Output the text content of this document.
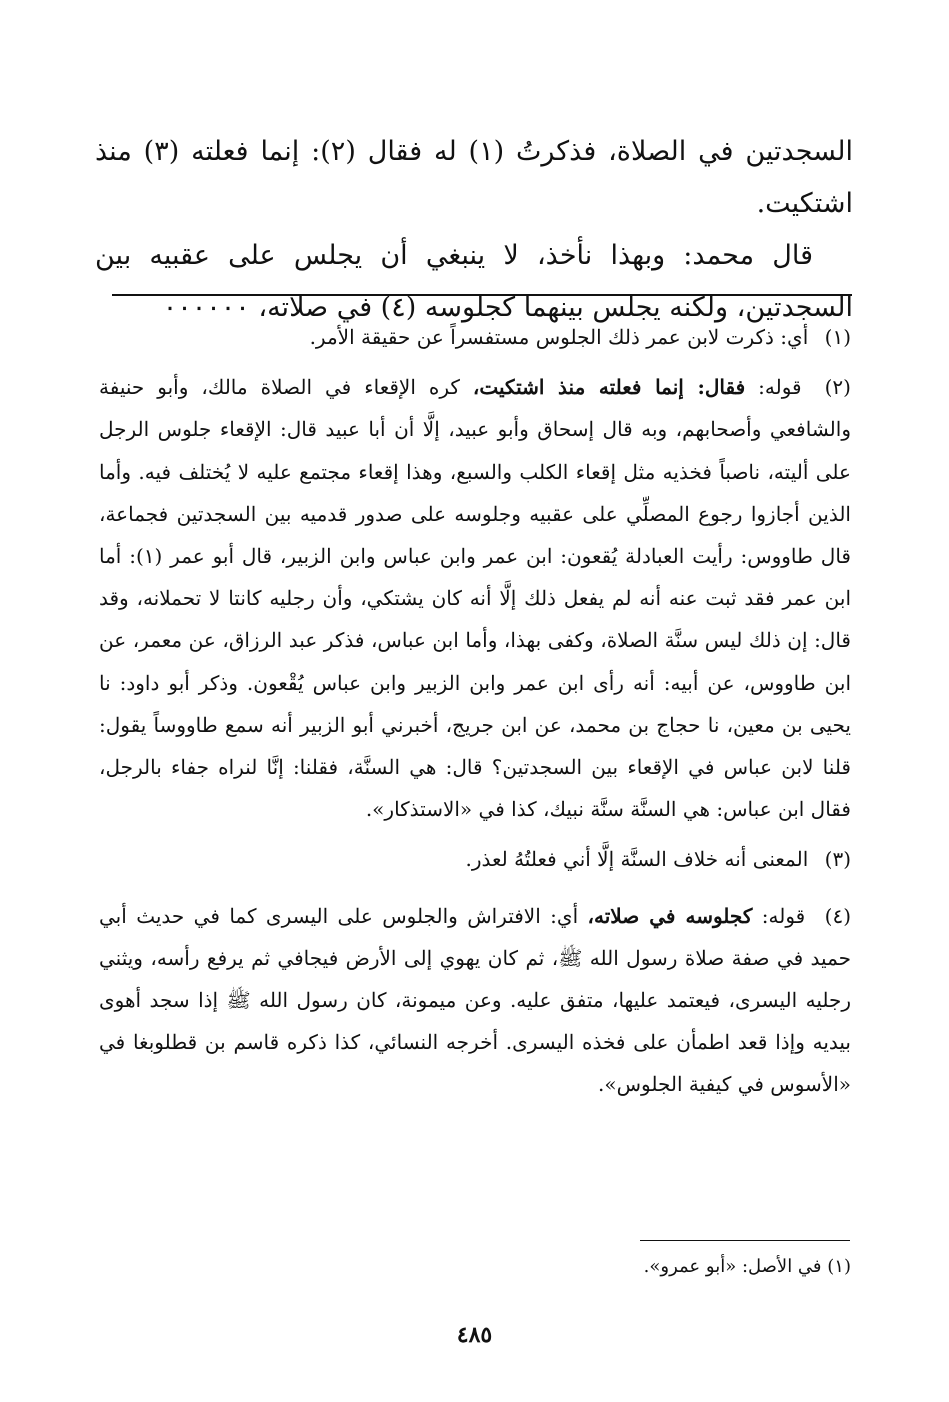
السجدتين في الصلاة، فذكرتُ (١) له فقال (٢): إنما فعلته (٣) منذ اشتكيت.

قال محمد: وبهذا نأخذ، لا ينبغي أن يجلس على عقبيه بين السجدتين، ولكنه يجلس بينهما كجلوسه (٤) في صلاته، ٠٠٠٠٠٠

(١) أي: ذكرت لابن عمر ذلك الجلوس مستفسراً عن حقيقة الأمر.

(٢) قوله: فقال: إنما فعلته منذ اشتكيت، كره الإقعاء في الصلاة مالك، وأبو حنيفة والشافعي وأصحابهم، وبه قال إسحاق وأبو عبيد، إلَّا أن أبا عبيد قال: الإقعاء جلوس الرجل على أليته، ناصباً فخذيه مثل إقعاء الكلب والسبع، وهذا إقعاء مجتمع عليه لا يُختلف فيه. وأما الذين أجازوا رجوع المصلِّي على عقبيه وجلوسه على صدور قدميه بين السجدتين فجماعة، قال طاووس: رأيت العبادلة يُقعون: ابن عمر وابن عباس وابن الزبير، قال أبو عمر (١): أما ابن عمر فقد ثبت عنه أنه لم يفعل ذلك إلَّا أنه كان يشتكي، وأن رجليه كانتا لا تحملانه، وقد قال: إن ذلك ليس سنَّة الصلاة، وكفى بهذا، وأما ابن عباس، فذكر عبد الرزاق، عن معمر، عن ابن طاووس، عن أبيه: أنه رأى ابن عمر وابن الزبير وابن عباس يُقْعون. وذكر أبو داود: نا يحيى بن معين، نا حجاج بن محمد، عن ابن جريج، أخبرني أبو الزبير أنه سمع طاووساً يقول: قلنا لابن عباس في الإقعاء بين السجدتين؟ قال: هي السنَّة، فقلنا: إنَّا لنراه جفاء بالرجل، فقال ابن عباس: هي السنَّة سنَّة نبيك، كذا في «الاستذكار».

(٣) المعنى أنه خلاف السنَّة إلَّا أني فعلتُهُ لعذر.

(٤) قوله: كجلوسه في صلاته، أي: الافتراش والجلوس على اليسرى كما في حديث أبي حميد في صفة صلاة رسول الله ﷺ، ثم كان يهوي إلى الأرض فيجافي ثم يرفع رأسه، ويثني رجليه اليسرى، فيعتمد عليها، متفق عليه. وعن ميمونة، كان رسول الله ﷺ إذا سجد أهوى بيديه وإذا قعد اطمأن على فخذه اليسرى. أخرجه النسائي، كذا ذكره قاسم بن قطلوبغا في «الأسوس في كيفية الجلوس».

(١) في الأصل: «أبو عمرو».
٤٨٥
